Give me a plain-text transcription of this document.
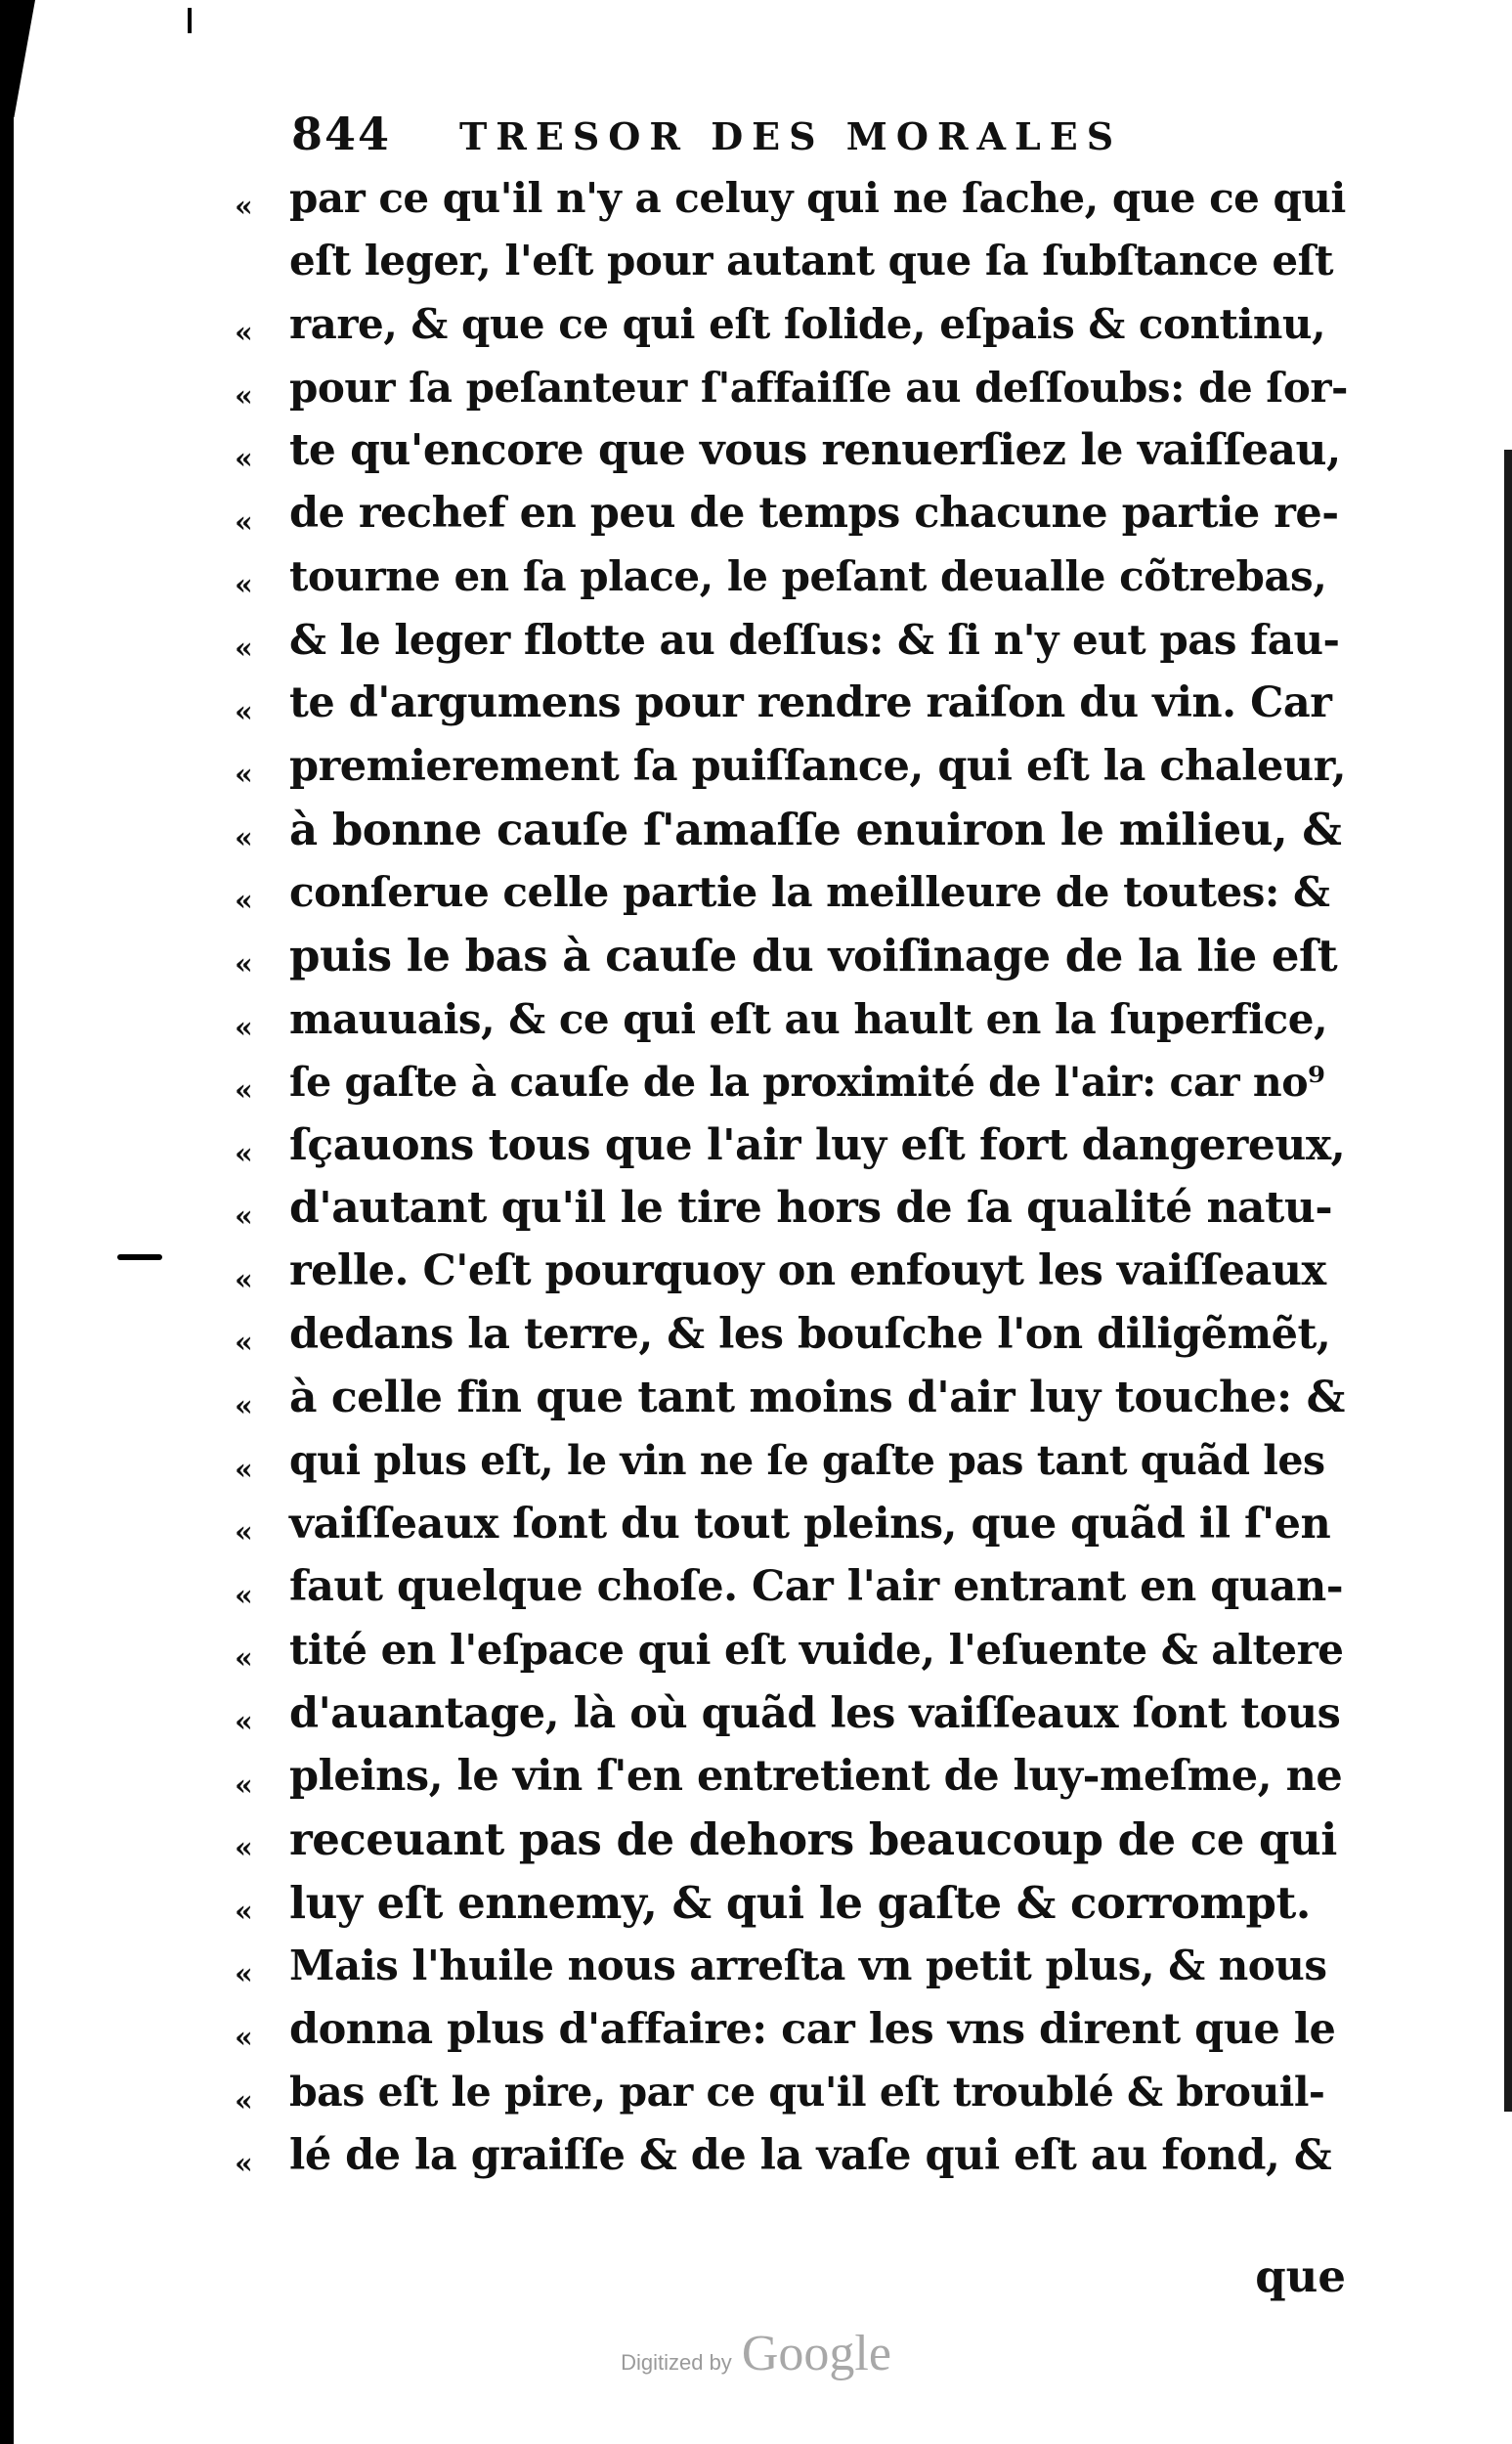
844 TRESOR DES MORALES
« par ce qu'il n'y a celuy qui ne ſache, que ce qui
eſt leger, l'eſt pour autant que ſa ſubſtance eſt
« rare, & que ce qui eſt ſolide, eſpais & continu,
« pour ſa peſanteur ſ'affaiſſe au deſſoubs: de ſor-
« te qu'encore que vous renuerſiez le vaiſſeau,
« de rechef en peu de temps chacune partie re-
« tourne en ſa place, le peſant deualle cõtrebas,
« & le leger flotte au deſſus: & ſi n'y eut pas fau-
« te d'argumens pour rendre raiſon du vin. Car
« premierement ſa puiſſance, qui eſt la chaleur,
« à bonne cauſe ſ'amaſſe enuiron le milieu, &
« conſerue celle partie la meilleure de toutes: &
« puis le bas à cauſe du voiſinage de la lie eſt
« mauuais, & ce qui eſt au hault en la ſuperfice,
« ſe gaſte à cauſe de la proximité de l'air: car no⁹
« ſçauons tous que l'air luy eſt fort dangereux,
« d'autant qu'il le tire hors de ſa qualité natu-
« relle. C'eſt pourquoy on enfouyt les vaiſſeaux
« dedans la terre, & les bouſche l'on diligẽmẽt,
« à celle fin que tant moins d'air luy touche: &
« qui plus eſt, le vin ne ſe gaſte pas tant quãd les
« vaiſſeaux ſont du tout pleins, que quãd il ſ'en
« faut quelque choſe. Car l'air entrant en quan-
« tité en l'eſpace qui eſt vuide, l'eſuente & altere
« d'auantage, là où quãd les vaiſſeaux ſont tous
« pleins, le vin ſ'en entretient de luy-meſme, ne
« receuant pas de dehors beaucoup de ce qui
« luy eſt ennemy, & qui le gaſte & corrompt.
« Mais l'huile nous arreſta vn petit plus, & nous
« donna plus d'affaire: car les vns dirent que le
« bas eſt le pire, par ce qu'il eſt troublé & brouil-
« lé de la graiſſe & de la vaſe qui eſt au fond, &
que
Digitized by Google
